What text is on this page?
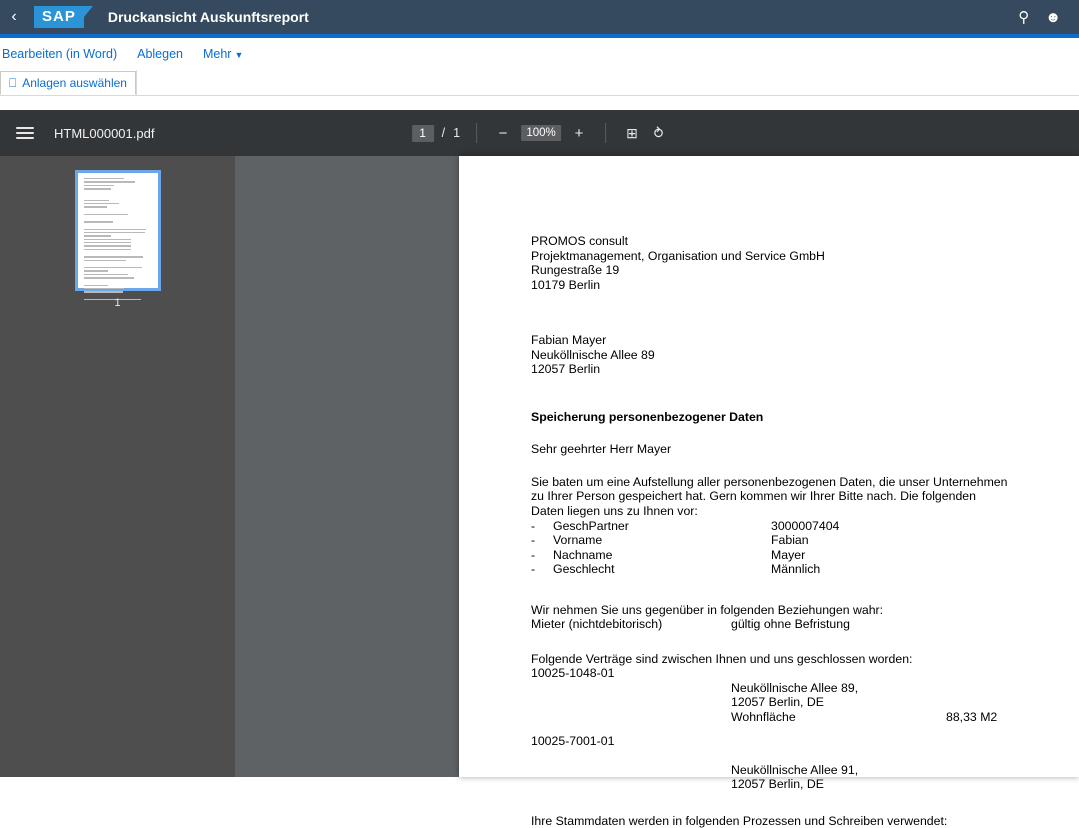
‹	SAP	Druckansicht Auskunftsreport	⚲	☻
Bearbeiten (in Word)	Ablegen	Mehr ▼
⎕ Anlagen auswählen
HTML000001.pdf
1	/ 1	−	100%	+	⊞ ⥁
1
PROMOS consult
Projektmanagement, Organisation und Service GmbH
Rungestraße 19
10179 Berlin
Fabian Mayer
Neuköllnische Allee 89
12057 Berlin
Speicherung personenbezogener Daten
Sehr geehrter Herr Mayer
Sie baten um eine Aufstellung aller personenbezogenen Daten, die unser Unternehmen zu Ihrer Person gespeichert hat. Gern kommen wir Ihrer Bitte nach. Die folgenden Daten liegen uns zu Ihnen vor:
-	GeschPartner	3000007404
-	Vorname	Fabian
-	Nachname	Mayer
-	Geschlecht	Männlich
Wir nehmen Sie uns gegenüber in folgenden Beziehungen wahr:
Mieter (nichtdebitorisch)	gültig ohne Befristung
Folgende Verträge sind zwischen Ihnen und uns geschlossen worden:
10025-1048-01
Neuköllnische Allee 89,
12057 Berlin, DE
Wohnfläche	88,33 M2
10025-7001-01
Neuköllnische Allee 91,
12057 Berlin, DE
Ihre Stammdaten werden in folgenden Prozessen und Schreiben verwendet:
